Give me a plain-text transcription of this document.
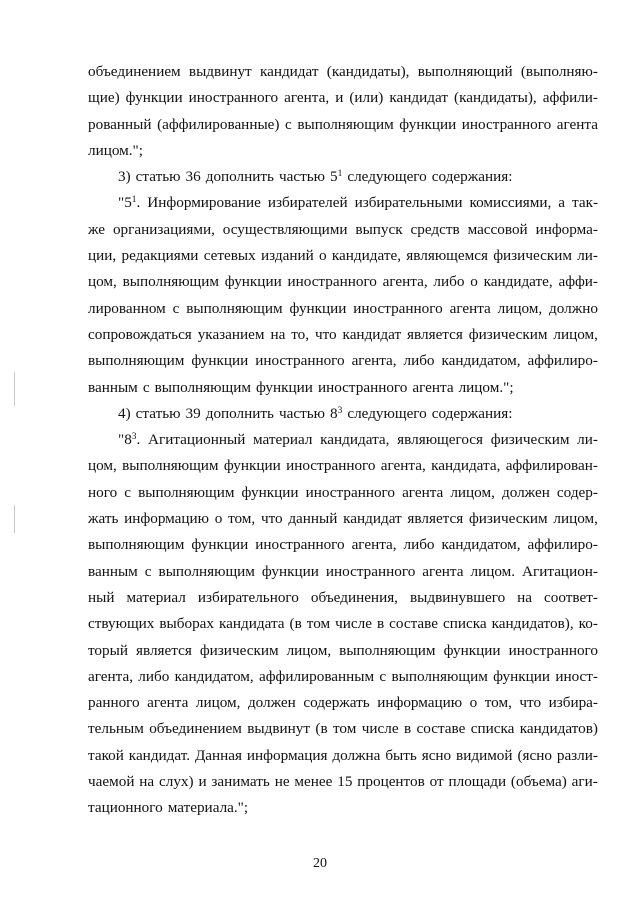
объединением выдвинут кандидат (кандидаты), выполняющий (выполняю-
щие) функции иностранного агента, и (или) кандидат (кандидаты), аффили-
рованный (аффилированные) с выполняющим функции иностранного агента
лицом.";
3) статью 36 дополнить частью $5^1$ следующего содержания:
"$5^1$. Информирование избирателей избирательными комиссиями, а так-
же организациями, осуществляющими выпуск средств массовой информа-
ции, редакциями сетевых изданий о кандидате, являющемся физическим ли-
цом, выполняющим функции иностранного агента, либо о кандидате, аффи-
лированном с выполняющим функции иностранного агента лицом, должно
сопровождаться указанием на то, что кандидат является физическим лицом,
выполняющим функции иностранного агента, либо кандидатом, аффилиро-
ванным с выполняющим функции иностранного агента лицом.";
4) статью 39 дополнить частью $8^3$ следующего содержания:
"$8^3$. Агитационный материал кандидата, являющегося физическим ли-
цом, выполняющим функции иностранного агента, кандидата, аффилирован-
ного с выполняющим функции иностранного агента лицом, должен содер-
жать информацию о том, что данный кандидат является физическим лицом,
выполняющим функции иностранного агента, либо кандидатом, аффилиро-
ванным с выполняющим функции иностранного агента лицом. Агитацион-
ный материал избирательного объединения, выдвинувшего на соответ-
ствующих выборах кандидата (в том числе в составе списка кандидатов), ко-
торый является физическим лицом, выполняющим функции иностранного
агента, либо кандидатом, аффилированным с выполняющим функции иност-
ранного агента лицом, должен содержать информацию о том, что избира-
тельным объединением выдвинут (в том числе в составе списка кандидатов)
такой кандидат. Данная информация должна быть ясно видимой (ясно разли-
чаемой на слух) и занимать не менее 15 процентов от площади (объема) аги-
тационного материала.";
20
